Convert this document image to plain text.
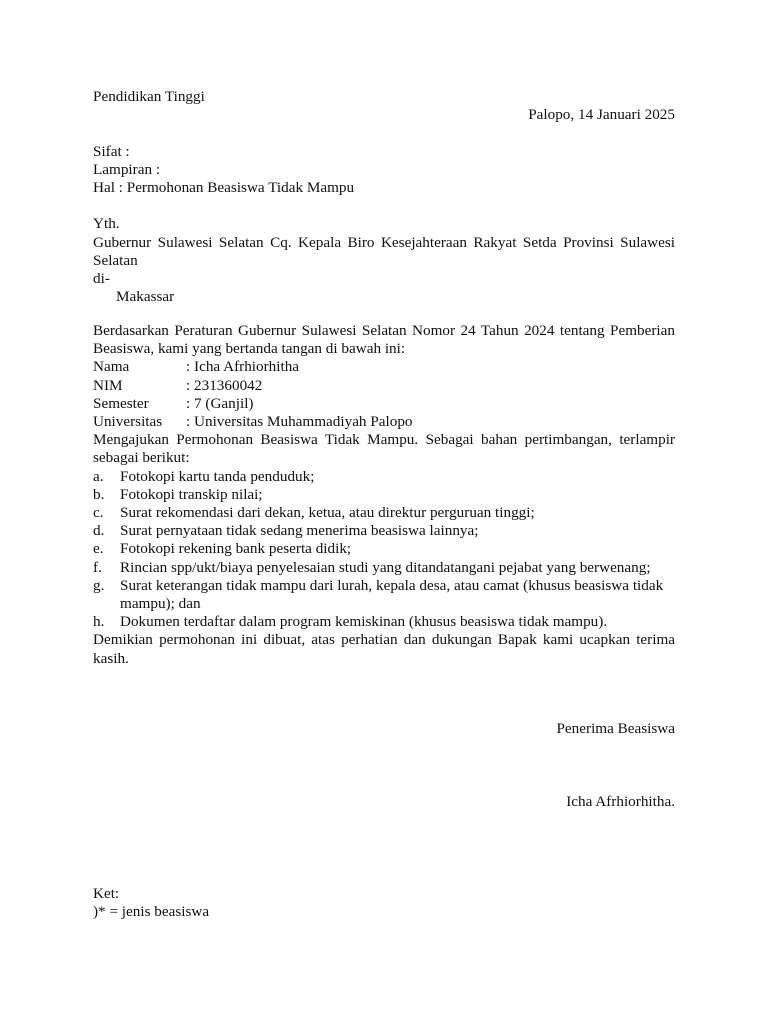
Pendidikan Tinggi
Palopo, 14 Januari 2025
Sifat :
Lampiran :
Hal : Permohonan Beasiswa Tidak Mampu
Yth.
Gubernur Sulawesi Selatan Cq. Kepala Biro Kesejahteraan Rakyat Setda Provinsi Sulawesi Selatan
di-
Makassar
Berdasarkan Peraturan Gubernur Sulawesi Selatan Nomor 24 Tahun 2024 tentang Pemberian Beasiswa, kami yang bertanda tangan di bawah ini:
Nama	: Icha Afrhiorhitha
NIM	: 231360042
Semester	: 7 (Ganjil)
Universitas	: Universitas Muhammadiyah Palopo
Mengajukan Permohonan Beasiswa Tidak Mampu. Sebagai bahan pertimbangan, terlampir sebagai berikut:
a.	Fotokopi kartu tanda penduduk;
b.	Fotokopi transkip nilai;
c.	Surat rekomendasi dari dekan, ketua, atau direktur perguruan tinggi;
d.	Surat pernyataan tidak sedang menerima beasiswa lainnya;
e.	Fotokopi rekening bank peserta didik;
f.	Rincian spp/ukt/biaya penyelesaian studi yang ditandatangani pejabat yang berwenang;
g.	Surat keterangan tidak mampu dari lurah, kepala desa, atau camat (khusus beasiswa tidak mampu); dan
h.	Dokumen terdaftar dalam program kemiskinan (khusus beasiswa tidak mampu).
Demikian permohonan ini dibuat, atas perhatian dan dukungan Bapak kami ucapkan terima kasih.
Penerima Beasiswa
Icha Afrhiorhitha.
Ket:
)* = jenis beasiswa
